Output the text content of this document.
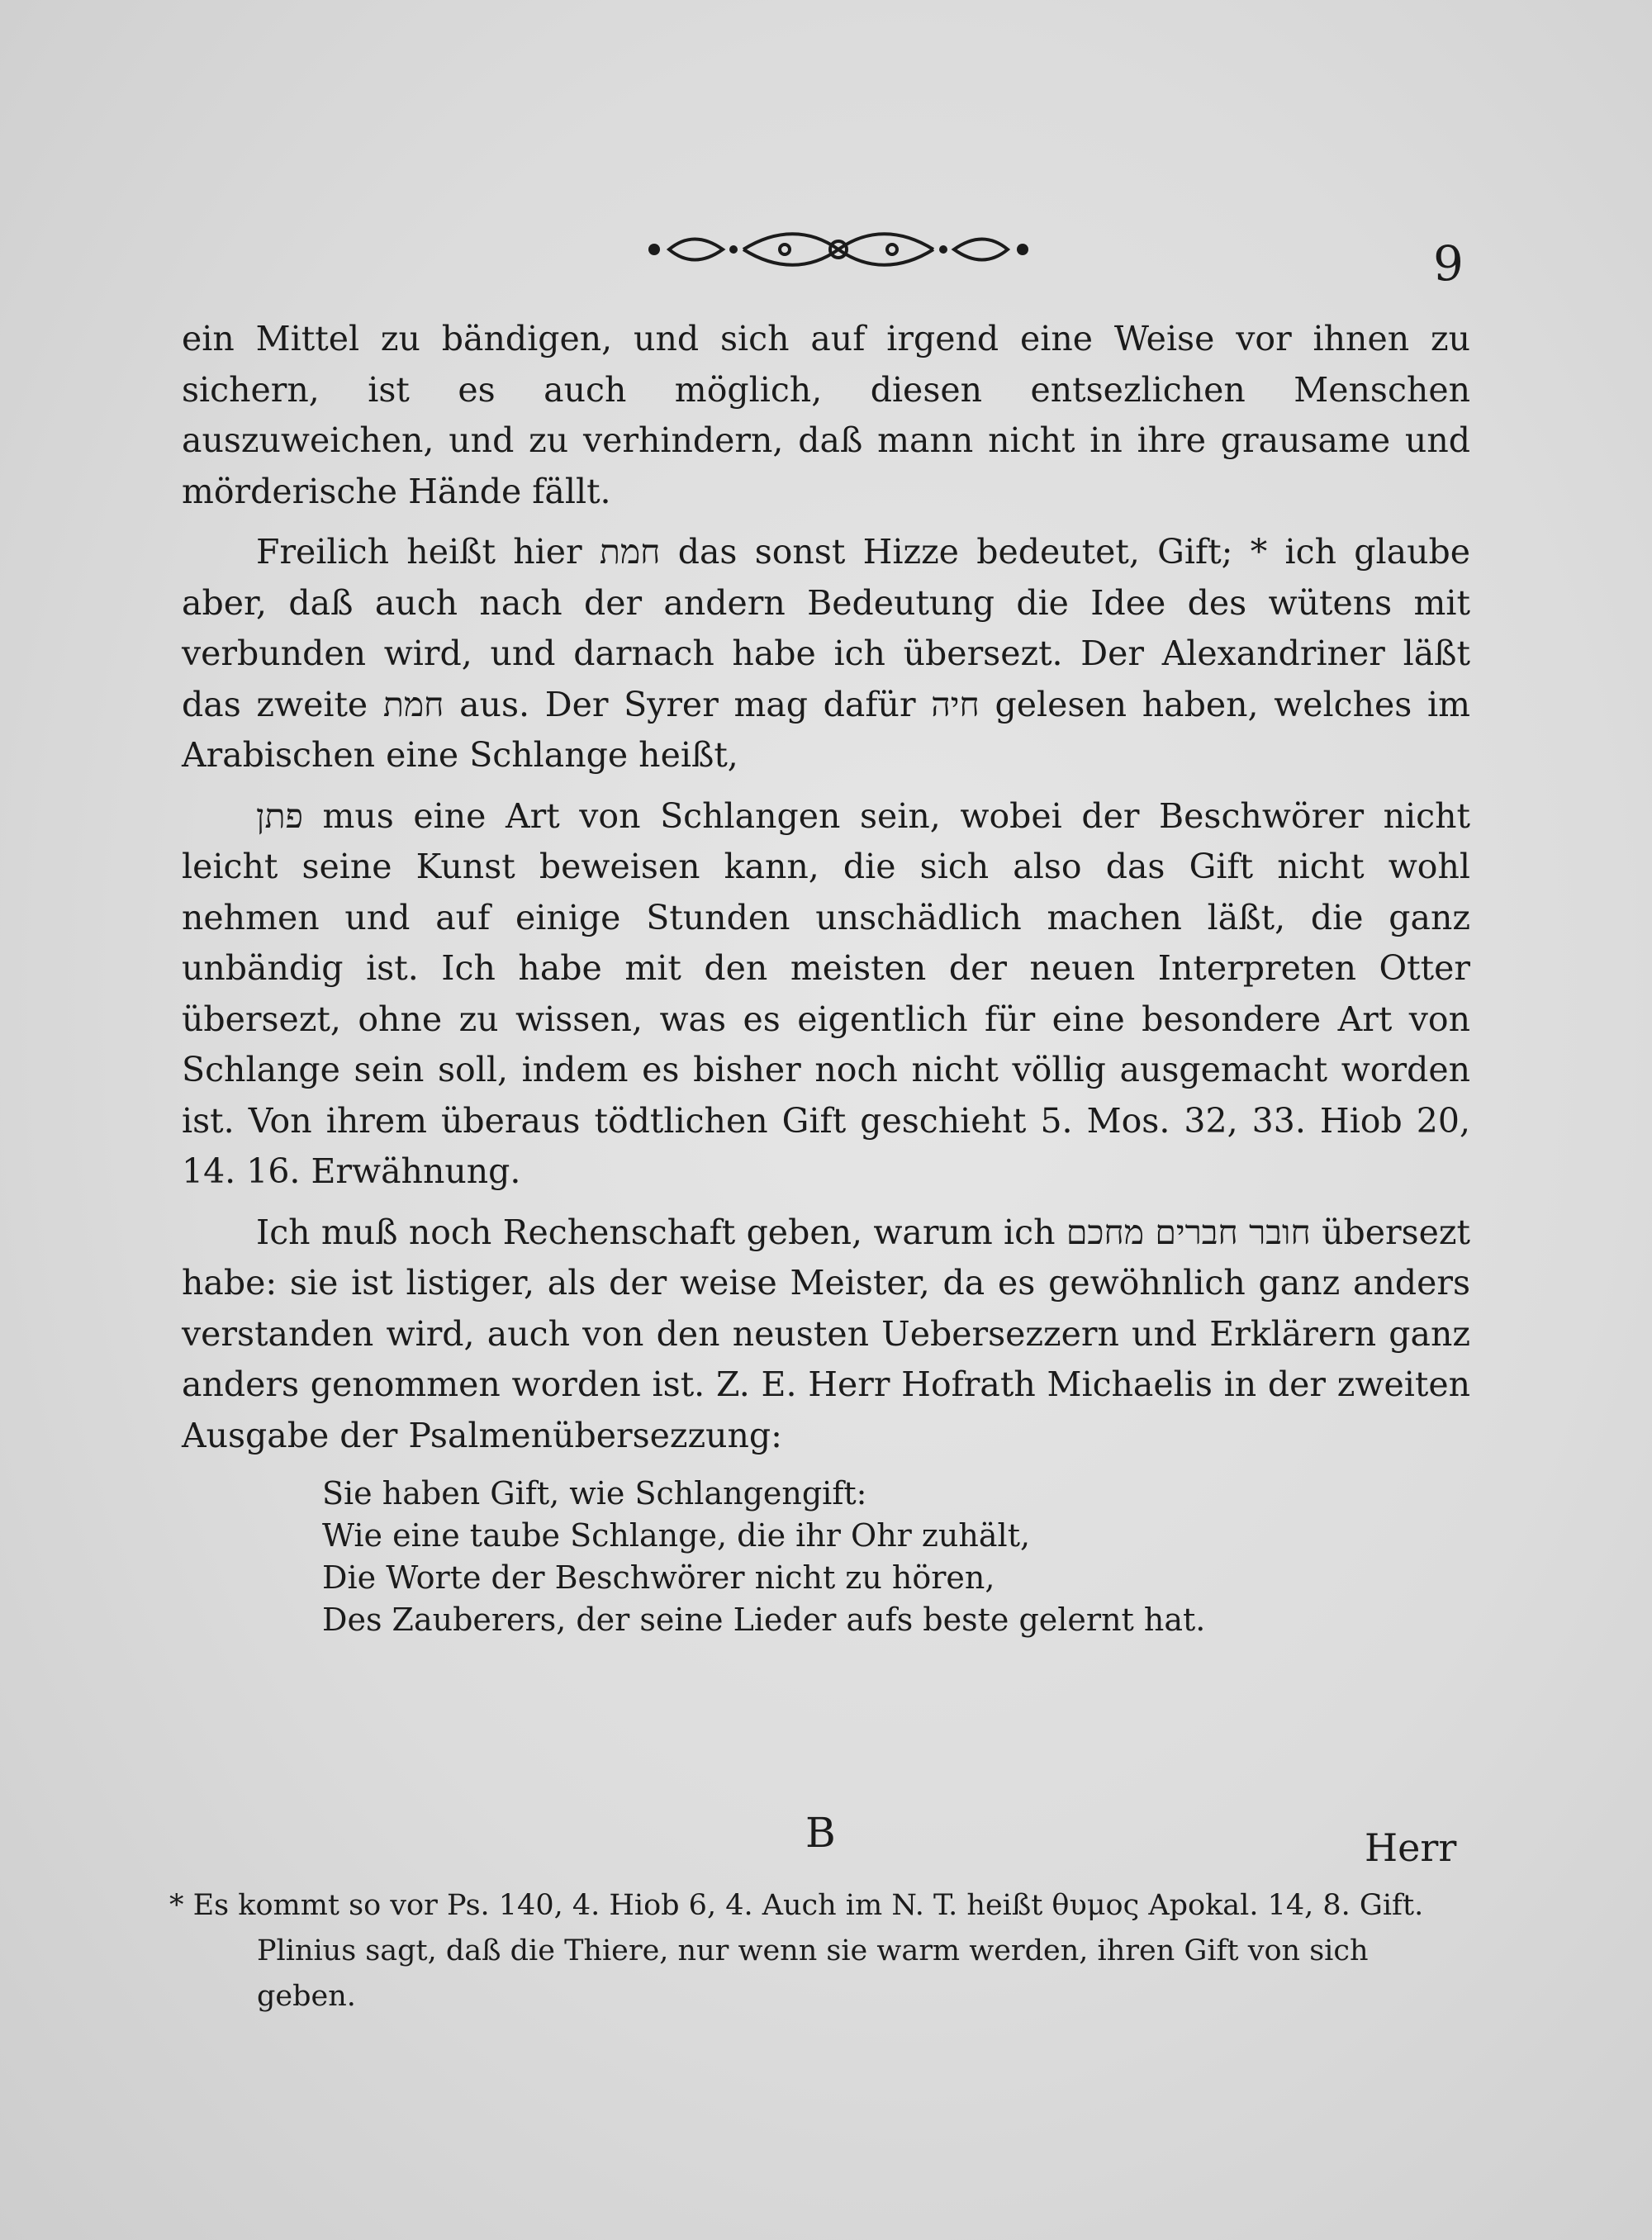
9

ein Mittel zu bändigen, und sich auf irgend eine Weise vor ihnen zu sichern, ist es auch möglich, diesen entsezlichen Menschen auszuweichen, und zu verhindern, daß mann nicht in ihre grausame und mörderische Hände fällt.

Freilich heißt hier חמת das sonst Hizze bedeutet, Gift; * ich glaube aber, daß auch nach der andern Bedeutung die Idee des wütens mit verbunden wird, und darnach habe ich übersezt. Der Alexandriner läßt das zweite חמת aus. Der Syrer mag dafür חיה gelesen haben, welches im Arabischen eine Schlange heißt,

פתן mus eine Art von Schlangen sein, wobei der Beschwörer nicht leicht seine Kunst beweisen kann, die sich also das Gift nicht wohl nehmen und auf einige Stunden unschädlich machen läßt, die ganz unbändig ist. Ich habe mit den meisten der neuen Interpreten Otter übersezt, ohne zu wissen, was es eigentlich für eine besondere Art von Schlange sein soll, indem es bisher noch nicht völlig ausgemacht worden ist. Von ihrem überaus tödtlichen Gift geschieht 5. Mos. 32, 33. Hiob 20, 14. 16. Erwähnung.

Ich muß noch Rechenschaft geben, warum ich חובר חברים מחכם übersezt habe: sie ist listiger, als der weise Meister, da es gewöhnlich ganz anders verstanden wird, auch von den neusten Uebersezzern und Erklärern ganz anders genommen worden ist. Z. E. Herr Hofrath Michaelis in der zweiten Ausgabe der Psalmenübersezzung:

Sie haben Gift, wie Schlangengift:
Wie eine taube Schlange, die ihr Ohr zuhält,
Die Worte der Beschwörer nicht zu hören,
Des Zauberers, der seine Lieder aufs beste gelernt hat.
B	Herr

* Es kommt so vor Ps. 140, 4. Hiob 6, 4. Auch im N. T. heißt θυμος Apokal. 14, 8. Gift. Plinius sagt, daß die Thiere, nur wenn sie warm werden, ihren Gift von sich geben.
